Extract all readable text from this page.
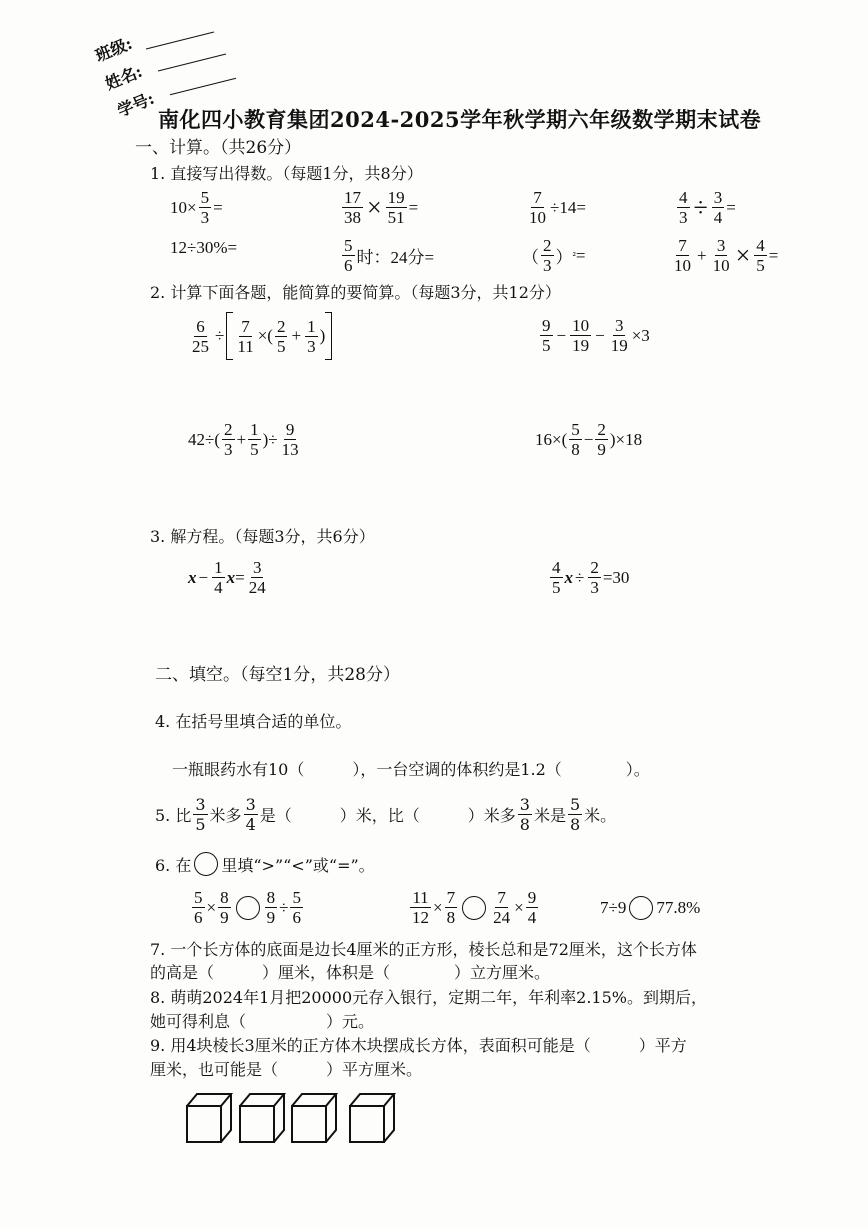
班级:
姓名:
学号: 南化四小教育集团2024-2025学年秋学期六年级数学期末试卷
一、计算。（共26分）
1. 直接写出得数。（每题1分，共8分）
$10\times \frac{5}{3}$ =	$\frac{17}{38} \times \frac{19}{51}$ =	$\frac{7}{10} \div 14=$	$\frac{4}{3} \div \frac{3}{4}$ =
12÷30%=	$\frac{5}{6}$ 时：24分=	（ $\frac{2}{3}$ ） ² =	$\frac{7}{10} + \frac{3}{10} \times \frac{4}{5}$ =
2. 计算下面各题，能简算的要简算。（每题3分，共12分）
$\frac{6}{25} \div \frac{7}{11}$ ×( $\frac{2}{5} + \frac{1}{3}$ )	$\frac{9}{5} - \frac{10}{19} - \frac{3}{19} \times 3$
$42\div( \frac{2}{3} + \frac{1}{5}$ )÷ $\frac{9}{13}$	$16\times( \frac{5}{8} - \frac{2}{9} )\times 18$
3. 解方程。（每题3分，共6分）
$x - \frac{1}{4}$ $x = \frac{3}{24}$	$\frac{4}{5}$ $x \div \frac{2}{3} =30$
二、填空。（每空1分，共28分）
4. 在括号里填合适的单位。
一瓶眼药水有10（　　　），一台空调的体积约是1.2（　　　　）。
5. 比 $\frac{3}{5}$ 米多 $\frac{3}{4}$ 是（　　　）米，比（　　　）米多 $\frac{3}{8}$ 米是 $\frac{5}{8}$ 米。
6. 在 里填“>”“<”或“=”。
$\frac{5}{6} \times \frac{8}{9} \frac{8}{9} \div \frac{5}{6}$	$\frac{11}{12} \times \frac{7}{8} \frac{7}{24} \times \frac{9}{4}$	7÷9 77.8%
7. 一个长方体的底面是边长4厘米的正方形，棱长总和是72厘米，这个长方体
的高是（　　　）厘米，体积是（　　　　）立方厘米。
8. 萌萌2024年1月把20000元存入银行，定期二年，年利率2.15%。到期后，
她可得利息（　　　　　）元。
9. 用4块棱长3厘米的正方体木块摆成长方体，表面积可能是（　　　）平方
厘米，也可能是（　　　）平方厘米。
